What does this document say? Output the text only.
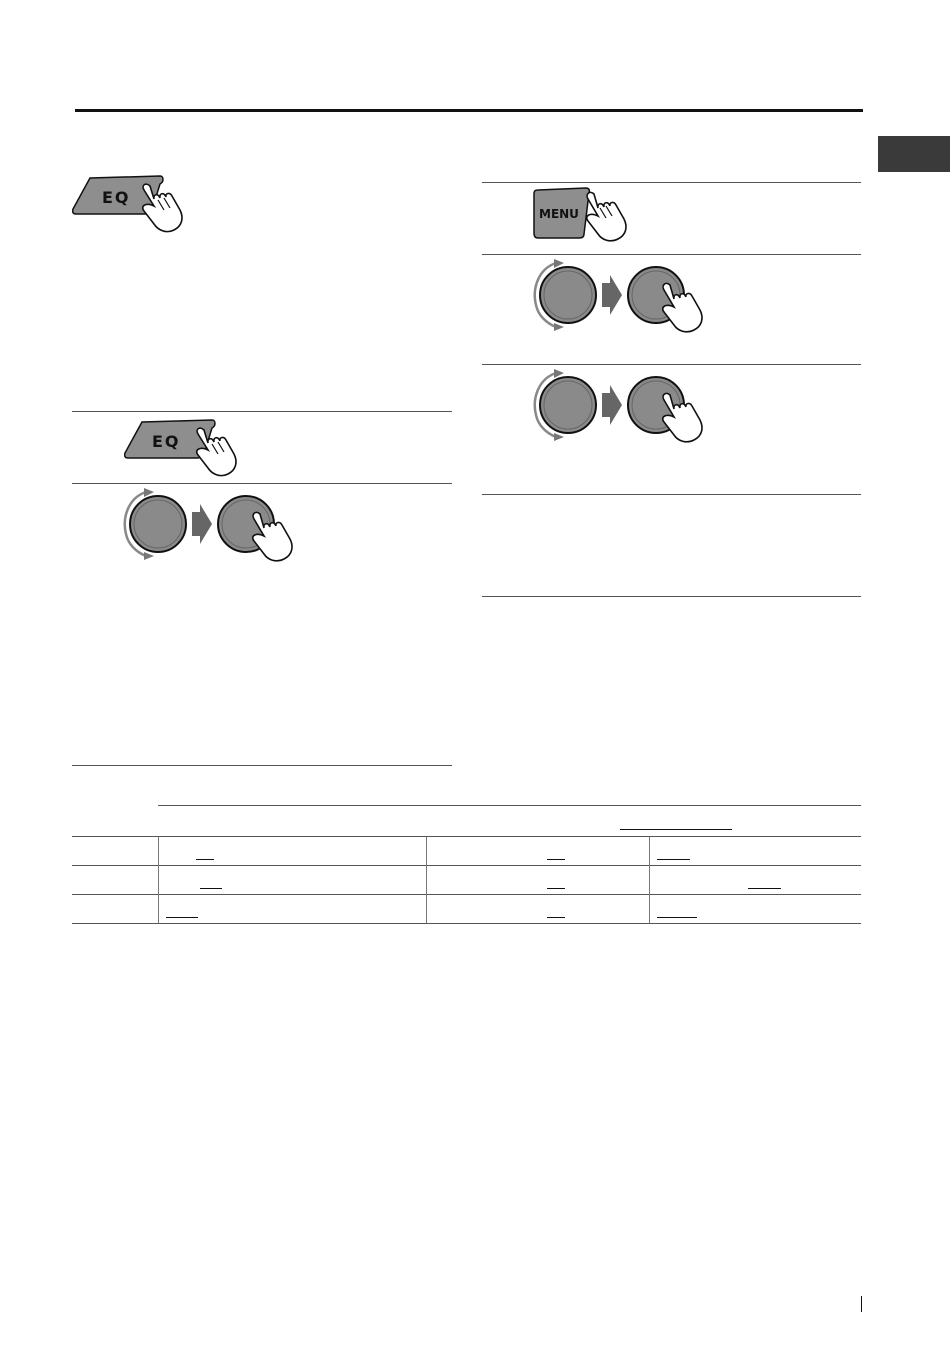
EQ
EQ
MENU
